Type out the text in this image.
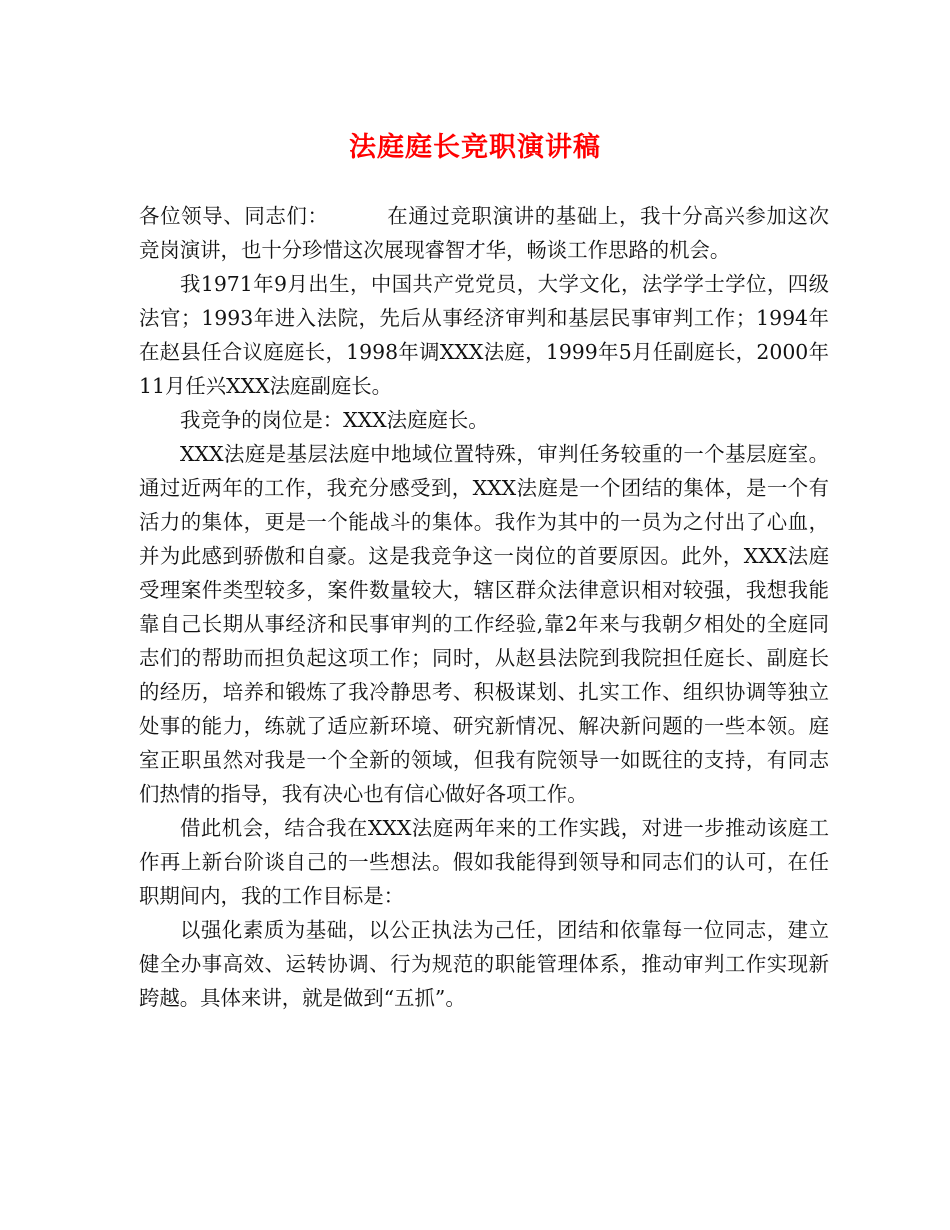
法庭庭长竞职演讲稿

各位领导、同志们：	在通过竞职演讲的基础上，我十分高兴参加这次竞岗演讲，也十分珍惜这次展现睿智才华，畅谈工作思路的机会。

我1971年9月出生，中国共产党党员，大学文化，法学学士学位，四级法官；1993年进入法院，先后从事经济审判和基层民事审判工作；1994年在赵县任合议庭庭长，1998年调XXX法庭，1999年5月任副庭长，2000年11月任兴XXX法庭副庭长。

我竞争的岗位是：XXX法庭庭长。

XXX法庭是基层法庭中地域位置特殊，审判任务较重的一个基层庭室。通过近两年的工作，我充分感受到，XXX法庭是一个团结的集体，是一个有活力的集体，更是一个能战斗的集体。我作为其中的一员为之付出了心血，并为此感到骄傲和自豪。这是我竞争这一岗位的首要原因。此外，XXX法庭受理案件类型较多，案件数量较大，辖区群众法律意识相对较强，我想我能靠自己长期从事经济和民事审判的工作经验,靠2年来与我朝夕相处的全庭同志们的帮助而担负起这项工作；同时，从赵县法院到我院担任庭长、副庭长的经历，培养和锻炼了我冷静思考、积极谋划、扎实工作、组织协调等独立处事的能力，练就了适应新环境、研究新情况、解决新问题的一些本领。庭室正职虽然对我是一个全新的领域，但我有院领导一如既往的支持，有同志们热情的指导，我有决心也有信心做好各项工作。

借此机会，结合我在XXX法庭两年来的工作实践，对进一步推动该庭工作再上新台阶谈自己的一些想法。假如我能得到领导和同志们的认可，在任职期间内，我的工作目标是：

以强化素质为基础，以公正执法为己任，团结和依靠每一位同志，建立健全办事高效、运转协调、行为规范的职能管理体系，推动审判工作实现新跨越。具体来讲，就是做到“五抓”。
